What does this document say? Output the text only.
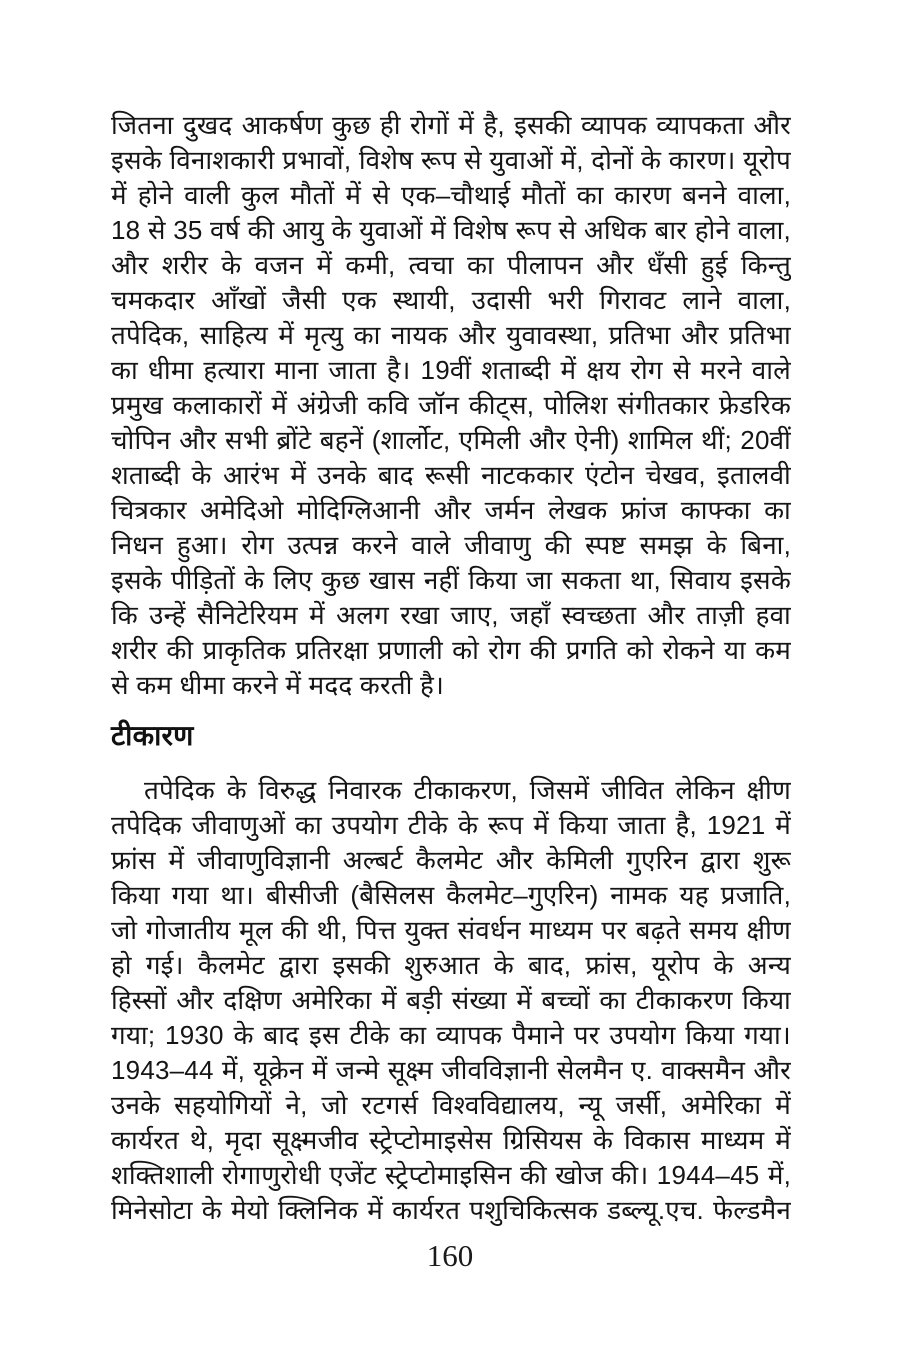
जितना दुखद आकर्षण कुछ ही रोगों में है, इसकी व्यापक व्यापकता और
इसके विनाशकारी प्रभावों, विशेष रूप से युवाओं में, दोनों के कारण। यूरोप
में होने वाली कुल मौतों में से एक–चौथाई मौतों का कारण बनने वाला,
18 से 35 वर्ष की आयु के युवाओं में विशेष रूप से अधिक बार होने वाला,
और शरीर के वजन में कमी, त्वचा का पीलापन और धँसी हुई किन्तु
चमकदार आँखों जैसी एक स्थायी, उदासी भरी गिरावट लाने वाला,
तपेदिक, साहित्य में मृत्यु का नायक और युवावस्था, प्रतिभा और प्रतिभा
का धीमा हत्यारा माना जाता है। 19वीं शताब्दी में क्षय रोग से मरने वाले
प्रमुख कलाकारों में अंग्रेजी कवि जॉन कीट्स, पोलिश संगीतकार फ्रेडरिक
चोपिन और सभी ब्रोंटे बहनें (शार्लोट, एमिली और ऐनी) शामिल थीं; 20वीं
शताब्दी के आरंभ में उनके बाद रूसी नाटककार एंटोन चेखव, इतालवी
चित्रकार अमेदिओ मोदिग्लिआनी और जर्मन लेखक फ्रांज काफ्का का
निधन हुआ। रोग उत्पन्न करने वाले जीवाणु की स्पष्ट समझ के बिना,
इसके पीड़ितों के लिए कुछ खास नहीं किया जा सकता था, सिवाय इसके
कि उन्हें सैनिटेरियम में अलग रखा जाए, जहाँ स्वच्छता और ताज़ी हवा
शरीर की प्राकृतिक प्रतिरक्षा प्रणाली को रोग की प्रगति को रोकने या कम
से कम धीमा करने में मदद करती है।
टीकारण
तपेदिक के विरुद्ध निवारक टीकाकरण, जिसमें जीवित लेकिन क्षीण
तपेदिक जीवाणुओं का उपयोग टीके के रूप में किया जाता है, 1921 में
फ्रांस में जीवाणुविज्ञानी अल्बर्ट कैलमेट और केमिली गुएरिन द्वारा शुरू
किया गया था। बीसीजी (बैसिलस कैलमेट–गुएरिन) नामक यह प्रजाति,
जो गोजातीय मूल की थी, पित्त युक्त संवर्धन माध्यम पर बढ़ते समय क्षीण
हो गई। कैलमेट द्वारा इसकी शुरुआत के बाद, फ्रांस, यूरोप के अन्य
हिस्सों और दक्षिण अमेरिका में बड़ी संख्या में बच्चों का टीकाकरण किया
गया; 1930 के बाद इस टीके का व्यापक पैमाने पर उपयोग किया गया।
1943–44 में, यूक्रेन में जन्मे सूक्ष्म जीवविज्ञानी सेलमैन ए. वाक्समैन और
उनके सहयोगियों ने, जो रटगर्स विश्वविद्यालय, न्यू जर्सी, अमेरिका में
कार्यरत थे, मृदा सूक्ष्मजीव स्ट्रेप्टोमाइसेस ग्रिसियस के विकास माध्यम में
शक्तिशाली रोगाणुरोधी एजेंट स्ट्रेप्टोमाइसिन की खोज की। 1944–45 में,
मिनेसोटा के मेयो क्लिनिक में कार्यरत पशुचिकित्सक डब्ल्यू.एच. फेल्डमैन
160
